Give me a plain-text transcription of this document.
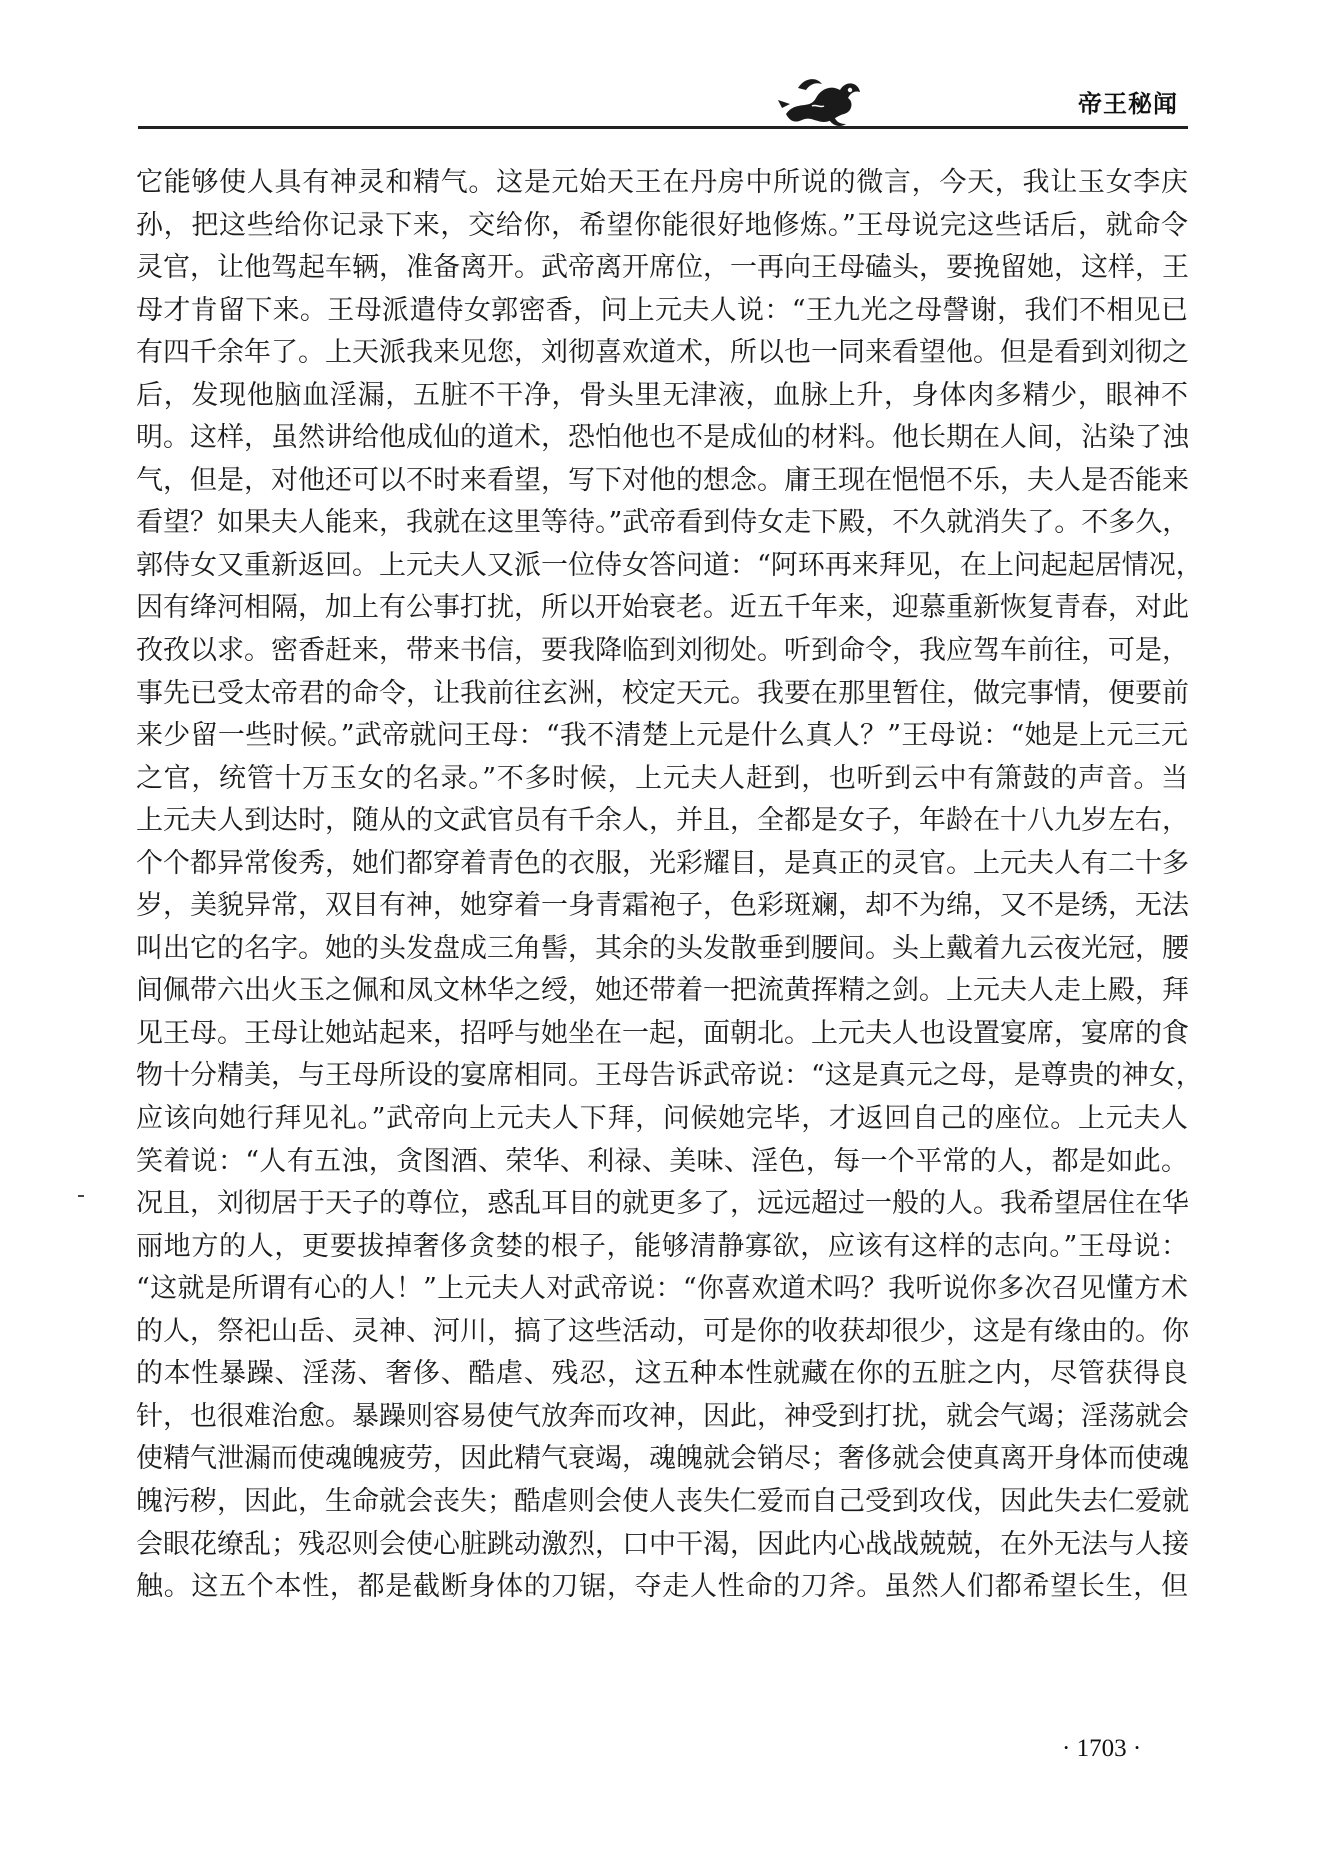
帝王秘闻
它能够使人具有神灵和精气。这是元始天王在丹房中所说的微言，今天，我让玉女李庆
孙，把这些给你记录下来，交给你，希望你能很好地修炼。”王母说完这些话后，就命令
灵官，让他驾起车辆，准备离开。武帝离开席位，一再向王母磕头，要挽留她，这样，王
母才肯留下来。王母派遣侍女郭密香，问上元夫人说：“王九光之母謦谢，我们不相见已
有四千余年了。上天派我来见您，刘彻喜欢道术，所以也一同来看望他。但是看到刘彻之
后，发现他脑血淫漏，五脏不干净，骨头里无津液，血脉上升，身体肉多精少，眼神不
明。这样，虽然讲给他成仙的道术，恐怕他也不是成仙的材料。他长期在人间，沾染了浊
气，但是，对他还可以不时来看望，写下对他的想念。庸王现在悒悒不乐，夫人是否能来
看望？如果夫人能来，我就在这里等待。”武帝看到侍女走下殿，不久就消失了。不多久，
郭侍女又重新返回。上元夫人又派一位侍女答问道：“阿环再来拜见，在上问起起居情况，
因有绛河相隔，加上有公事打扰，所以开始衰老。近五千年来，迎慕重新恢复青春，对此
孜孜以求。密香赶来，带来书信，要我降临到刘彻处。听到命令，我应驾车前往，可是，
事先已受太帝君的命令，让我前往玄洲，校定天元。我要在那里暂住，做完事情，便要前
来少留一些时候。”武帝就问王母：“我不清楚上元是什么真人？”王母说：“她是上元三元
之官，统管十万玉女的名录。”不多时候，上元夫人赶到，也听到云中有箫鼓的声音。当
上元夫人到达时，随从的文武官员有千余人，并且，全都是女子，年龄在十八九岁左右，
个个都异常俊秀，她们都穿着青色的衣服，光彩耀目，是真正的灵官。上元夫人有二十多
岁，美貌异常，双目有神，她穿着一身青霜袍子，色彩斑斓，却不为绵，又不是绣，无法
叫出它的名字。她的头发盘成三角髻，其余的头发散垂到腰间。头上戴着九云夜光冠，腰
间佩带六出火玉之佩和凤文林华之绶，她还带着一把流黄挥精之剑。上元夫人走上殿，拜
见王母。王母让她站起来，招呼与她坐在一起，面朝北。上元夫人也设置宴席，宴席的食
物十分精美，与王母所设的宴席相同。王母告诉武帝说：“这是真元之母，是尊贵的神女，
应该向她行拜见礼。”武帝向上元夫人下拜，问候她完毕，才返回自己的座位。上元夫人
笑着说：“人有五浊，贪图酒、荣华、利禄、美味、淫色，每一个平常的人，都是如此。
况且，刘彻居于天子的尊位，惑乱耳目的就更多了，远远超过一般的人。我希望居住在华
丽地方的人，更要拔掉奢侈贪婪的根子，能够清静寡欲，应该有这样的志向。”王母说：
“这就是所谓有心的人！”上元夫人对武帝说：“你喜欢道术吗？我听说你多次召见懂方术
的人，祭祀山岳、灵神、河川，搞了这些活动，可是你的收获却很少，这是有缘由的。你
的本性暴躁、淫荡、奢侈、酷虐、残忍，这五种本性就藏在你的五脏之内，尽管获得良
针，也很难治愈。暴躁则容易使气放奔而攻神，因此，神受到打扰，就会气竭；淫荡就会
使精气泄漏而使魂魄疲劳，因此精气衰竭，魂魄就会销尽；奢侈就会使真离开身体而使魂
魄污秽，因此，生命就会丧失；酷虐则会使人丧失仁爱而自己受到攻伐，因此失去仁爱就
会眼花缭乱；残忍则会使心脏跳动激烈，口中干渴，因此内心战战兢兢，在外无法与人接
触。这五个本性，都是截断身体的刀锯，夺走人性命的刀斧。虽然人们都希望长生，但
· 1703 ·
